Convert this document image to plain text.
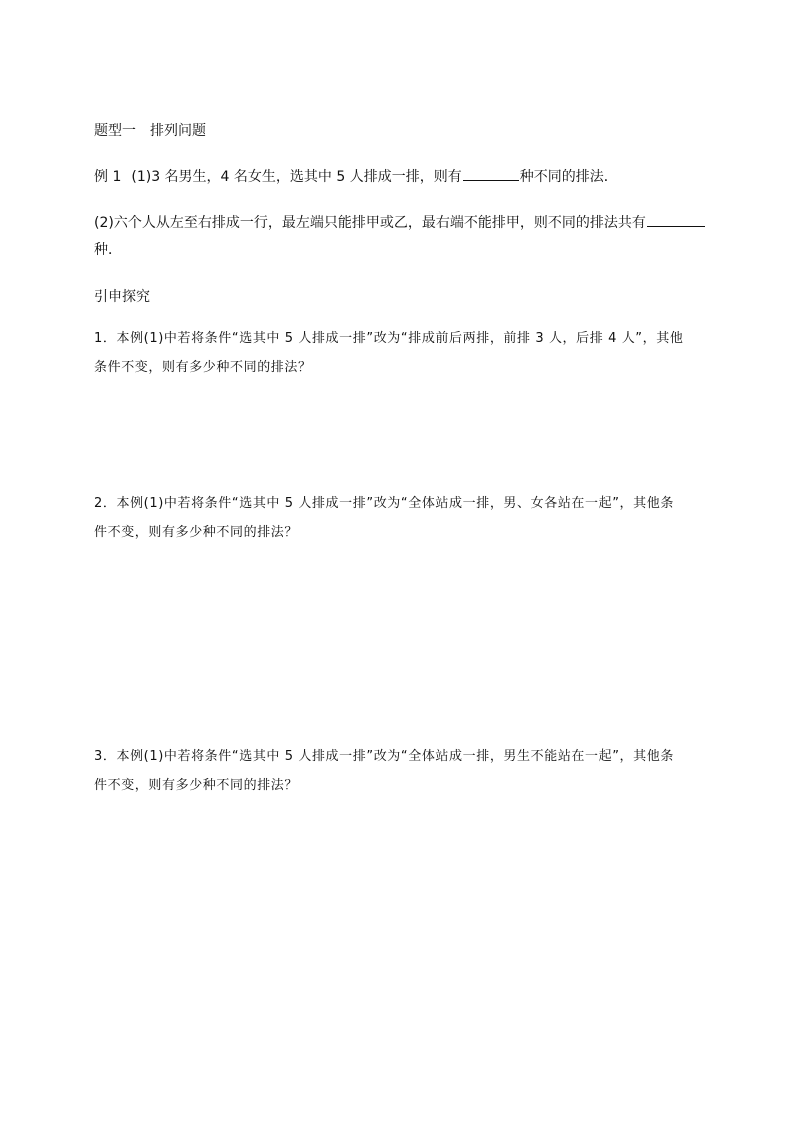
题型一 排列问题
例 1 (1)3 名男生，4 名女生，选其中 5 人排成一排，则有	种不同的排法．
(2)六个人从左至右排成一行，最左端只能排甲或乙，最右端不能排甲，则不同的排法共有
种．
引申探究
1．本例(1)中若将条件“选其中 5 人排成一排”改为“排成前后两排，前排 3 人，后排 4 人”，其他
条件不变，则有多少种不同的排法？
2．本例(1)中若将条件“选其中 5 人排成一排”改为“全体站成一排，男、女各站在一起”，其他条
件不变，则有多少种不同的排法？
3．本例(1)中若将条件“选其中 5 人排成一排”改为“全体站成一排，男生不能站在一起”，其他条
件不变，则有多少种不同的排法？
